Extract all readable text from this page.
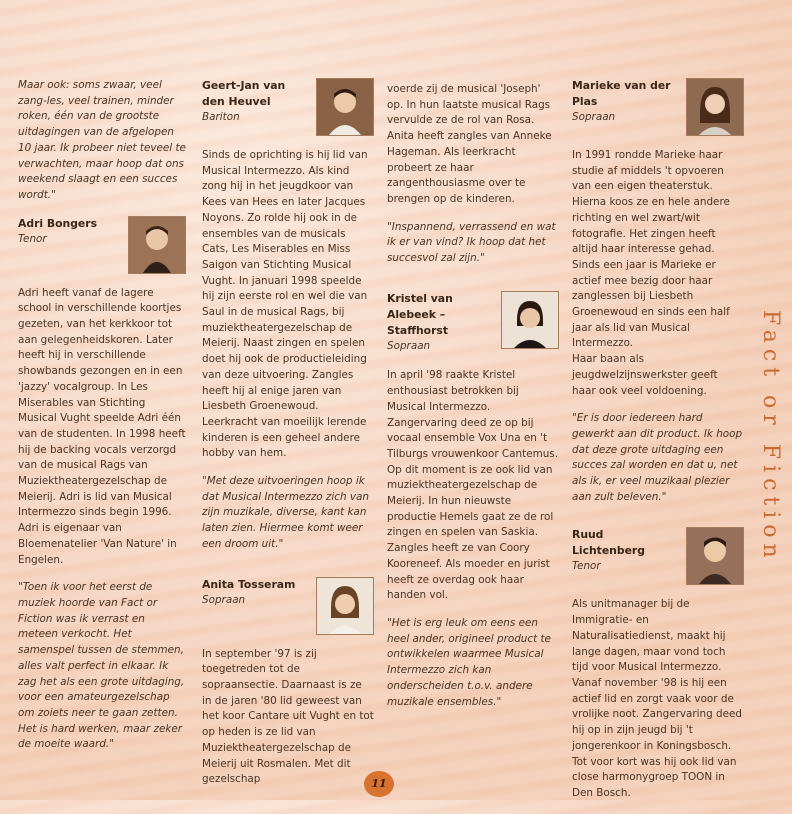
Maar ook: soms zwaar, veel zang-les, veel trainen, minder roken, één van de grootste uitdagingen van de afgelopen 10 jaar. Ik probeer niet teveel te verwachten, maar hoop dat ons weekend slaagt en een succes wordt."

Adri Bongers
Tenor

Adri heeft vanaf de lagere school in verschillende koortjes gezeten, van het kerkkoor tot aan gelegenheidskoren. Later heeft hij in verschillende showbands gezongen en in een 'jazzy' vocalgroup. In Les Miserables van Stichting Musical Vught speelde Adri één van de studenten. In 1998 heeft hij de backing vocals verzorgd van de musical Rags van Muziektheatergezelschap de Meierij. Adri is lid van Musical Intermezzo sinds begin 1996. Adri is eigenaar van Bloemenatelier 'Van Nature' in Engelen.

"Toen ik voor het eerst de muziek hoorde van Fact or Fiction was ik verrast en meteen verkocht. Het samenspel tussen de stemmen, alles valt perfect in elkaar. Ik zag het als een grote uitdaging, voor een amateurgezelschap om zoiets neer te gaan zetten. Het is hard werken, maar zeker de moeite waard."

Geert-Jan van den Heuvel
Bariton

Sinds de oprichting is hij lid van Musical Intermezzo. Als kind zong hij in het jeugdkoor van Kees van Hees en later Jacques Noyons. Zo rolde hij ook in de ensembles van de musicals Cats, Les Miserables en Miss Saigon van Stichting Musical Vught. In januari 1998 speelde hij zijn eerste rol en wel die van Saul in de musical Rags, bij muziektheatergezelschap de Meierij. Naast zingen en spelen doet hij ook de productieleiding van deze uitvoering. Zangles heeft hij al enige jaren van Liesbeth Groenewoud. Leerkracht van moeilijk lerende kinderen is een geheel andere hobby van hem.

"Met deze uitvoeringen hoop ik dat Musical Intermezzo zich van zijn muzikale, diverse, kant kan laten zien. Hiermee komt weer een droom uit."

Anita Tosseram
Sopraan

In september '97 is zij toegetreden tot de sopraansectie. Daarnaast is ze in de jaren '80 lid geweest van het koor Cantare uit Vught en tot op heden is ze lid van Muziektheatergezelschap de Meierij uit Rosmalen. Met dit gezelschap

voerde zij de musical 'Joseph' op. In hun laatste musical Rags vervulde ze de rol van Rosa. Anita heeft zangles van Anneke Hageman. Als leerkracht probeert ze haar zangenthousiasme over te brengen op de kinderen.

"Inspannend, verrassend en wat ik er van vind? Ik hoop dat het succesvol zal zijn."

Kristel van Alebeek – Staffhorst
Sopraan

In april '98 raakte Kristel enthousiast betrokken bij Musical Intermezzo. Zangervaring deed ze op bij vocaal ensemble Vox Una en 't Tilburgs vrouwenkoor Cantemus. Op dit moment is ze ook lid van muziektheatergezelschap de Meierij. In hun nieuwste productie Hemels gaat ze de rol zingen en spelen van Saskia. Zangles heeft ze van Coory Kooreneef. Als moeder en jurist heeft ze overdag ook haar handen vol.

"Het is erg leuk om eens een heel ander, origineel product te ontwikkelen waarmee Musical Intermezzo zich kan onderscheiden t.o.v. andere muzikale ensembles."

Marieke van der Plas
Sopraan

In 1991 rondde Marieke haar studie af middels 't opvoeren van een eigen theaterstuk. Hierna koos ze en hele andere richting en wel zwart/wit fotografie. Het zingen heeft altijd haar interesse gehad. Sinds een jaar is Marieke er actief mee bezig door haar zanglessen bij Liesbeth Groenewoud en sinds een half jaar als lid van Musical Intermezzo.

Haar baan als jeugdwelzijnswerkster geeft haar ook veel voldoening.

"Er is door iedereen hard gewerkt aan dit product. Ik hoop dat deze grote uitdaging een succes zal worden en dat u, net als ik, er veel muzikaal plezier aan zult beleven."

Ruud Lichtenberg
Tenor

Als unitmanager bij de Immigratie- en Naturalisatiedienst, maakt hij lange dagen, maar vond toch tijd voor Musical Intermezzo. Vanaf november '98 is hij een actief lid en zorgt vaak voor de vrolijke noot. Zangervaring deed hij op in zijn jeugd bij 't jongerenkoor in Koningsbosch. Tot voor kort was hij ook lid van close harmonygroep TOON in Den Bosch.

Fact or Fiction
11
